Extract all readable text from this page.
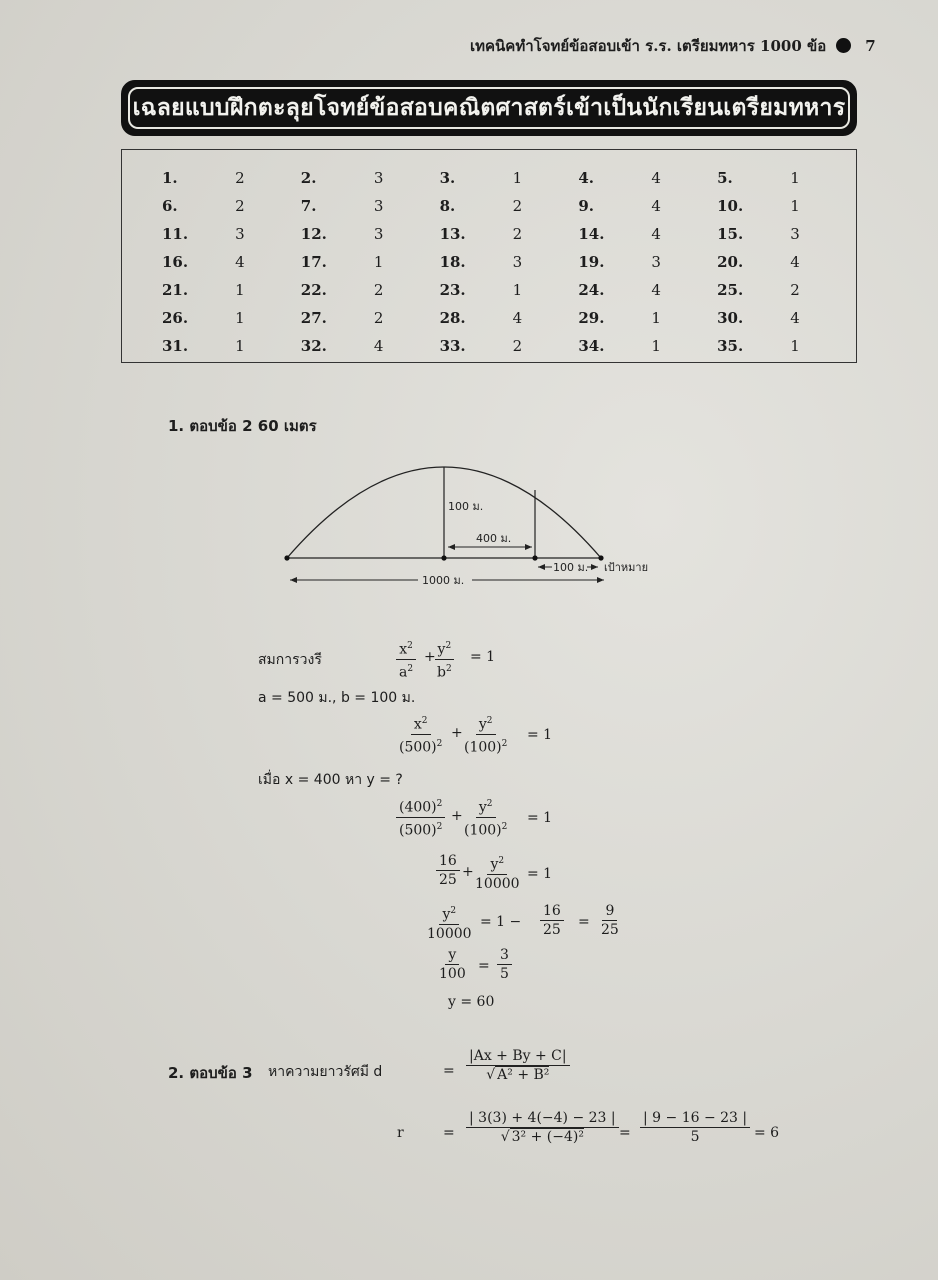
เทคนิคทำโจทย์ข้อสอบเข้า ร.ร. เตรียมทหาร 1000 ข้อ	7
เฉลยแบบฝึกตะลุยโจทย์ข้อสอบคณิตศาสตร์เข้าเป็นนักเรียนเตรียมทหาร
1.	2	2.	3	3.	1	4.	4	5.	1
6.	2	7.	3	8.	2	9.	4	10.	1
11.	3	12.	3	13.	2	14.	4	15.	3
16.	4	17.	1	18.	3	19.	3	20.	4
21.	1	22.	2	23.	1	24.	4	25.	2
26.	1	27.	2	28.	4	29.	1	30.	4
31.	1	32.	4	33.	2	34.	1	35.	1
1. ตอบข้อ 2 60 เมตร
100 ม.
400 ม.
100 ม. เป้าหมาย
1000 ม.
สมการวงรี	$\frac{x^2}{a^2}$ +
$\frac{y^2}{b^2} = 1$
a = 500 ม., b = 100 ม.
$\frac{x^2}{(500)^2}$ +
$\frac{y^2}{(100)^2} = 1$
เมื่อ x = 400 หา y = ?
$\frac{(400)^2}{(500)^2}$ +
$\frac{y^2}{(100)^2} = 1$
$\frac{16}{25}$ +
$\frac{y^2}{10000} = 1$
$\frac{y^2}{10000} = 1 - \frac{16}{25} = \frac{9}{25}$
$\frac{y}{100} = \frac{3}{5}$
y = 60
2. ตอบข้อ 3 หาความยาวรัศมี d	= $\frac{|Ax + By + C|}{\text{√ A² + B²}}$
r	= $\frac{| 3(3) + 4(-4) - 23 |}{\text{√ 3² + (−4)²}} = \frac{| 9 - 16 - 23 |}{5} = 6$
